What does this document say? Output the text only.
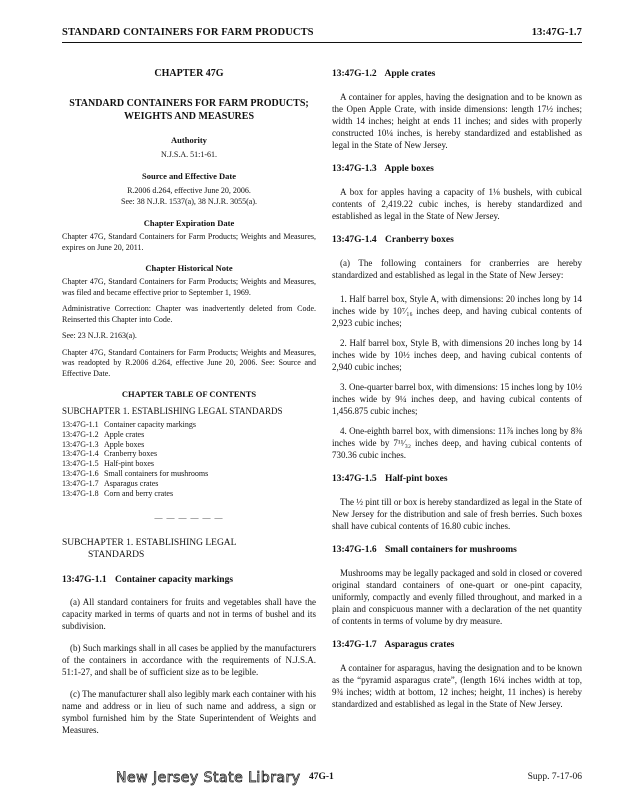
STANDARD CONTAINERS FOR FARM PRODUCTS	13:47G-1.7
CHAPTER 47G
STANDARD CONTAINERS FOR FARM PRODUCTS;
WEIGHTS AND MEASURES
Authority
N.J.S.A. 51:1-61.
Source and Effective Date
R.2006 d.264, effective June 20, 2006.
See: 38 N.J.R. 1537(a), 38 N.J.R. 3055(a).
Chapter Expiration Date
Chapter 47G, Standard Containers for Farm Products; Weights and Measures, expires on June 20, 2011.
Chapter Historical Note
Chapter 47G, Standard Containers for Farm Products; Weights and Measures, was filed and became effective prior to September 1, 1969.
Administrative Correction: Chapter was inadvertently deleted from Code. Reinserted this Chapter into Code.
See: 23 N.J.R. 2163(a).
Chapter 47G, Standard Containers for Farm Products; Weights and Measures, was readopted by R.2006 d.264, effective June 20, 2006. See: Source and Effective Date.
CHAPTER TABLE OF CONTENTS
SUBCHAPTER 1. ESTABLISHING LEGAL STANDARDS
13:47G-1.1 Container capacity markings
13:47G-1.2 Apple crates
13:47G-1.3 Apple boxes
13:47G-1.4 Cranberry boxes
13:47G-1.5 Half-pint boxes
13:47G-1.6 Small containers for mushrooms
13:47G-1.7 Asparagus crates
13:47G-1.8 Corn and berry crates
— — — — — —
SUBCHAPTER 1. ESTABLISHING LEGAL
STANDARDS
13:47G-1.1 Container capacity markings
(a) All standard containers for fruits and vegetables shall have the capacity marked in terms of quarts and not in terms of bushel and its subdivision.
(b) Such markings shall in all cases be applied by the manufacturers of the containers in accordance with the requirements of N.J.S.A. 51:1-27, and shall be of sufficient size as to be legible.
(c) The manufacturer shall also legibly mark each container with his name and address or in lieu of such name and address, a sign or symbol furnished him by the State Superintendent of Weights and Measures.
13:47G-1.2 Apple crates
A container for apples, having the designation and to be known as the Open Apple Crate, with inside dimensions: length 17½ inches; width 14 inches; height at ends 11 inches; and sides with properly constructed 10¼ inches, is hereby standardized and established as legal in the State of New Jersey.
13:47G-1.3 Apple boxes
A box for apples having a capacity of 1⅛ bushels, with cubical contents of 2,419.22 cubic inches, is hereby standardized and established as legal in the State of New Jersey.
13:47G-1.4 Cranberry boxes
(a) The following containers for cranberries are hereby standardized and established as legal in the State of New Jersey:
1. Half barrel box, Style A, with dimensions: 20 inches long by 14 inches wide by 10⁷⁄₁₆ inches deep, and having cubical contents of 2,923 cubic inches;
2. Half barrel box, Style B, with dimensions 20 inches long by 14 inches wide by 10½ inches deep, and having cubical contents of 2,940 cubic inches;
3. One-quarter barrel box, with dimensions: 15 inches long by 10½ inches wide by 9¼ inches deep, and having cubical contents of 1,456.875 cubic inches;
4. One-eighth barrel box, with dimensions: 11⅞ inches long by 8⅜ inches wide by 7¹¹⁄₃₂ inches deep, and having cubical contents of 730.36 cubic inches.
13:47G-1.5 Half-pint boxes
The ½ pint till or box is hereby standardized as legal in the State of New Jersey for the distribution and sale of fresh berries. Such boxes shall have cubical contents of 16.80 cubic inches.
13:47G-1.6 Small containers for mushrooms
Mushrooms may be legally packaged and sold in closed or covered original standard containers of one-quart or one-pint capacity, uniformly, compactly and evenly filled throughout, and marked in a plain and conspicuous manner with a declaration of the net quantity of contents in terms of volume by dry measure.
13:47G-1.7 Asparagus crates
A container for asparagus, having the designation and to be known as the “pyramid asparagus crate”, (length 16¼ inches width at top, 9¾ inches; width at bottom, 12 inches; height, 11 inches) is hereby standardized and established as legal in the State of New Jersey.
New Jersey State Library 47G-1	Supp. 7-17-06
